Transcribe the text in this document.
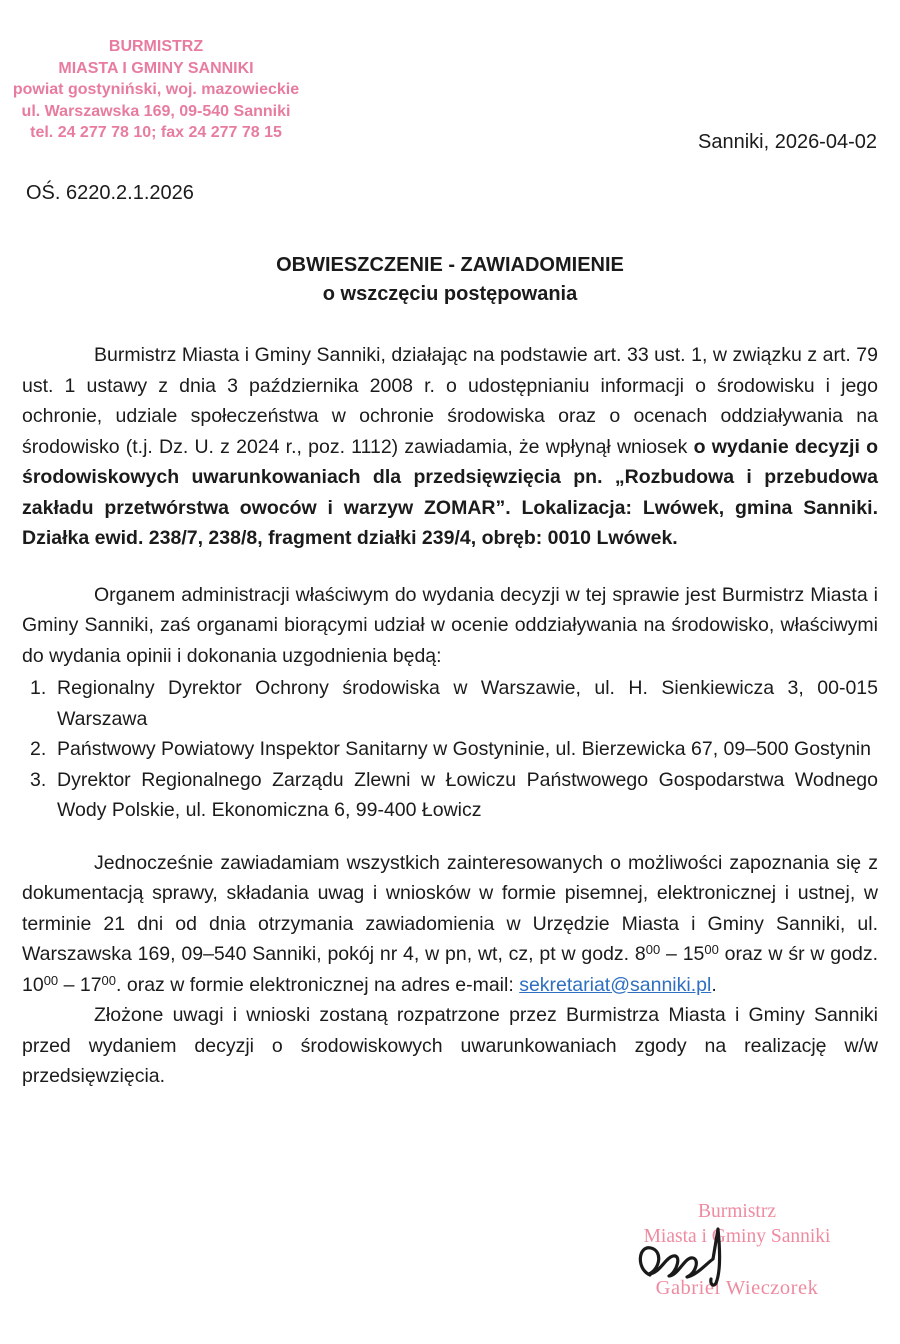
BURMISTRZ
MIASTA I GMINY SANNIKI
powiat gostyniński, woj. mazowieckie
ul. Warszawska 169, 09-540 Sanniki
tel. 24 277 78 10; fax 24 277 78 15	Sanniki, 2026-04-02
OŚ. 6220.2.1.2026
OBWIESZCZENIE - ZAWIADOMIENIE
o wszczęciu postępowania

Burmistrz Miasta i Gminy Sanniki, działając na podstawie art. 33 ust. 1, w związku z art. 79 ust. 1 ustawy z dnia 3 października 2008 r. o udostępnianiu informacji o środowisku i jego ochronie, udziale społeczeństwa w ochronie środowiska oraz o ocenach oddziaływania na środowisko (t.j. Dz. U. z 2024 r., poz. 1112) zawiadamia, że wpłynął wniosek o wydanie decyzji o środowiskowych uwarunkowaniach dla przedsięwzięcia pn. „Rozbudowa i przebudowa zakładu przetwórstwa owoców i warzyw ZOMAR”. Lokalizacja: Lwówek, gmina Sanniki. Działka ewid. 238/7, 238/8, fragment działki 239/4, obręb: 0010 Lwówek.

Organem administracji właściwym do wydania decyzji w tej sprawie jest Burmistrz Miasta i Gminy Sanniki, zaś organami biorącymi udział w ocenie oddziaływania na środowisko, właściwymi do wydania opinii i dokonania uzgodnienia będą:

1. Regionalny Dyrektor Ochrony środowiska w Warszawie, ul. H. Sienkiewicza 3, 00-015 Warszawa
2. Państwowy Powiatowy Inspektor Sanitarny w Gostyninie, ul. Bierzewicka 67, 09–500 Gostynin
3. Dyrektor Regionalnego Zarządu Zlewni w Łowiczu Państwowego Gospodarstwa Wodnego Wody Polskie, ul. Ekonomiczna 6, 99-400 Łowicz

Jednocześnie zawiadamiam wszystkich zainteresowanych o możliwości zapoznania się z dokumentacją sprawy, składania uwag i wniosków w formie pisemnej, elektronicznej i ustnej, w terminie 21 dni od dnia otrzymania zawiadomienia w Urzędzie Miasta i Gminy Sanniki, ul. Warszawska 169, 09–540 Sanniki, pokój nr 4, w pn, wt, cz, pt w godz. $8^{00} - 15^{00}$ oraz w śr w godz. $10^{00} - 17^{00}$. oraz w formie elektronicznej na adres e-mail: sekretariat@sanniki.pl.

Złożone uwagi i wnioski zostaną rozpatrzone przez Burmistrza Miasta i Gminy Sanniki przed wydaniem decyzji o środowiskowych uwarunkowaniach zgody na realizację w/w przedsięwzięcia.

Burmistrz
Miasta i Gminy Sanniki
Gabriel Wieczorek
